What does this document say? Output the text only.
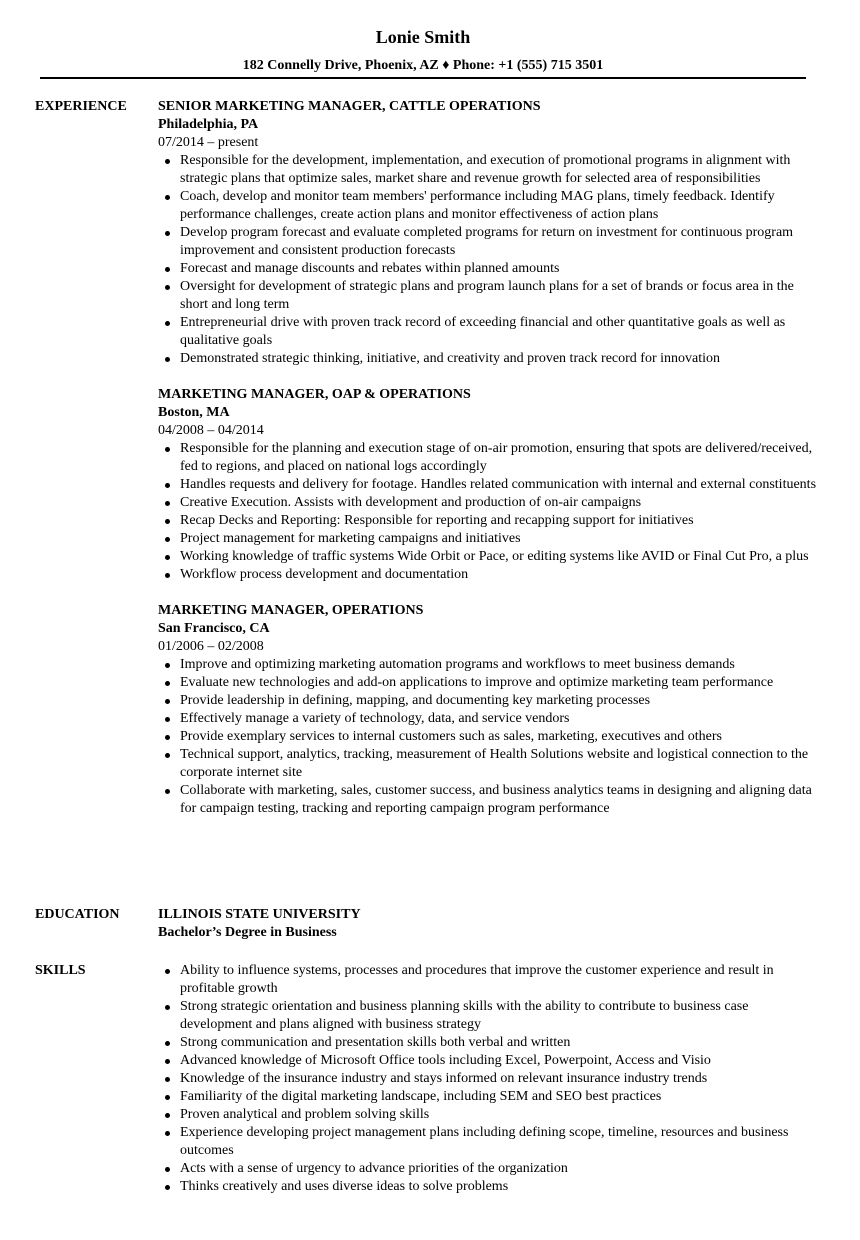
Lonie Smith
182 Connelly Drive, Phoenix, AZ ♦ Phone: +1 (555) 715 3501
EXPERIENCE SENIOR MARKETING MANAGER, CATTLE OPERATIONS
Philadelphia, PA
07/2014 – present
Responsible for the development, implementation, and execution of promotional programs in alignment with strategic plans that optimize sales, market share and revenue growth for selected area of responsibilities
Coach, develop and monitor team members' performance including MAG plans, timely feedback. Identify performance challenges, create action plans and monitor effectiveness of action plans
Develop program forecast and evaluate completed programs for return on investment for continuous program improvement and consistent production forecasts
Forecast and manage discounts and rebates within planned amounts
Oversight for development of strategic plans and program launch plans for a set of brands or focus area in the short and long term
Entrepreneurial drive with proven track record of exceeding financial and other quantitative goals as well as qualitative goals
Demonstrated strategic thinking, initiative, and creativity and proven track record for innovation
MARKETING MANAGER, OAP & OPERATIONS
Boston, MA
04/2008 – 04/2014
Responsible for the planning and execution stage of on-air promotion, ensuring that spots are delivered/received, fed to regions, and placed on national logs accordingly
Handles requests and delivery for footage. Handles related communication with internal and external constituents
Creative Execution. Assists with development and production of on-air campaigns
Recap Decks and Reporting: Responsible for reporting and recapping support for initiatives
Project management for marketing campaigns and initiatives
Working knowledge of traffic systems Wide Orbit or Pace, or editing systems like AVID or Final Cut Pro, a plus
Workflow process development and documentation
MARKETING MANAGER, OPERATIONS
San Francisco, CA
01/2006 – 02/2008
Improve and optimizing marketing automation programs and workflows to meet business demands
Evaluate new technologies and add-on applications to improve and optimize marketing team performance
Provide leadership in defining, mapping, and documenting key marketing processes
Effectively manage a variety of technology, data, and service vendors
Provide exemplary services to internal customers such as sales, marketing, executives and others
Technical support, analytics, tracking, measurement of Health Solutions website and logistical connection to the corporate internet site
Collaborate with marketing, sales, customer success, and business analytics teams in designing and aligning data for campaign testing, tracking and reporting campaign program performance
EDUCATION	ILLINOIS STATE UNIVERSITY
Bachelor’s Degree in Business
SKILLS	Ability to influence systems, processes and procedures that improve the customer experience and result in profitable growth
Strong strategic orientation and business planning skills with the ability to contribute to business case development and plans aligned with business strategy
Strong communication and presentation skills both verbal and written
Advanced knowledge of Microsoft Office tools including Excel, Powerpoint, Access and Visio
Knowledge of the insurance industry and stays informed on relevant insurance industry trends
Familiarity of the digital marketing landscape, including SEM and SEO best practices
Proven analytical and problem solving skills
Experience developing project management plans including defining scope, timeline, resources and business outcomes
Acts with a sense of urgency to advance priorities of the organization
Thinks creatively and uses diverse ideas to solve problems
